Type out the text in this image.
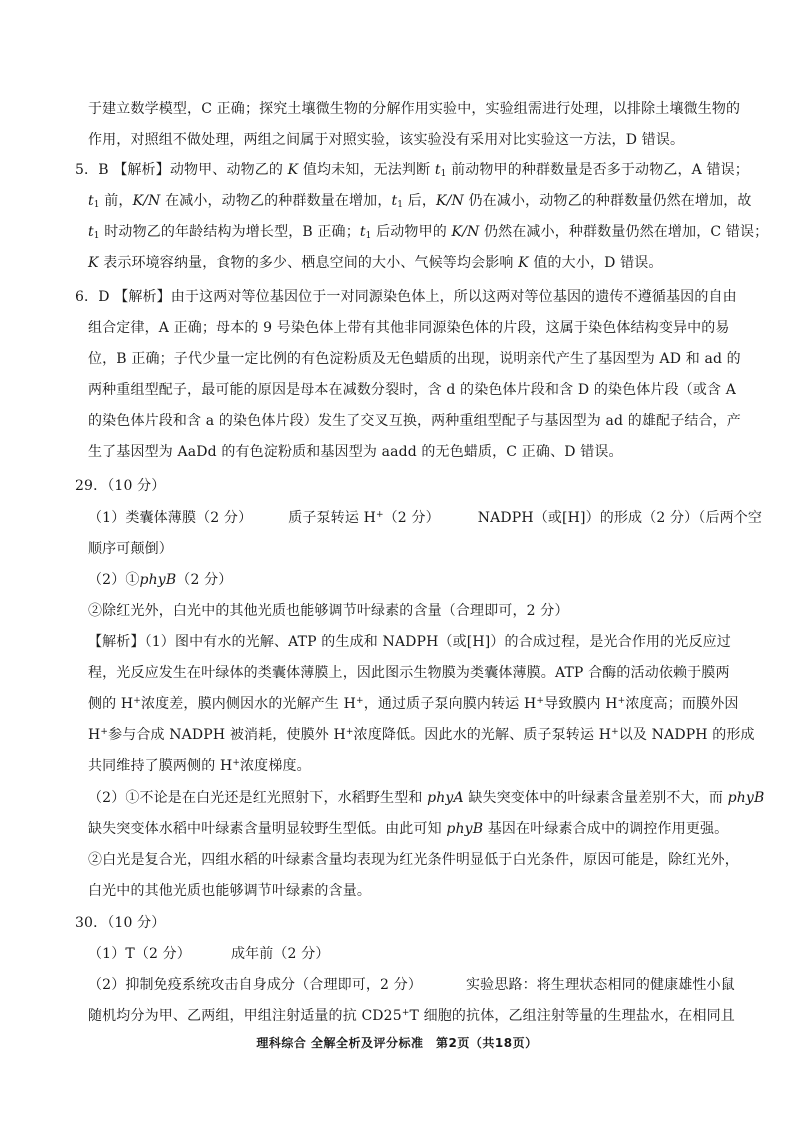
于建立数学模型，C 正确；探究土壤微生物的分解作用实验中，实验组需进行处理，以排除土壤微生物的
作用，对照组不做处理，两组之间属于对照实验，该实验没有采用对比实验这一方法，D 错误。
5．B 【解析】动物甲、动物乙的 K 值均未知，无法判断 $t_1$ 前动物甲的种群数量是否多于动物乙，A 错误；
$t_1$ 前，K/N 在减小，动物乙的种群数量在增加，$t_1$ 后，K/N 仍在减小，动物乙的种群数量仍然在增加，故
$t_1$ 时动物乙的年龄结构为增长型，B 正确；$t_1$ 后动物甲的 K/N 仍然在减小，种群数量仍然在增加，C 错误；
K 表示环境容纳量，食物的多少、栖息空间的大小、气候等均会影响 K 值的大小，D 错误。
6．D 【解析】由于这两对等位基因位于一对同源染色体上，所以这两对等位基因的遗传不遵循基因的自由
组合定律，A 正确；母本的 9 号染色体上带有其他非同源染色体的片段，这属于染色体结构变异中的易
位，B 正确；子代少量一定比例的有色淀粉质及无色蜡质的出现，说明亲代产生了基因型为 AD 和 ad 的
两种重组型配子，最可能的原因是母本在减数分裂时，含 d 的染色体片段和含 D 的染色体片段（或含 A
的染色体片段和含 a 的染色体片段）发生了交叉互换，两种重组型配子与基因型为 ad 的雄配子结合，产
生了基因型为 AaDd 的有色淀粉质和基因型为 aadd 的无色蜡质，C 正确、D 错误。
29．（10 分）
（1）类囊体薄膜（2 分）	质子泵转运 H+（2 分）	NADPH（或[H]）的形成（2 分）（后两个空
顺序可颠倒）
（2）①phyB（2 分）
②除红光外，白光中的其他光质也能够调节叶绿素的含量（合理即可，2 分）
【解析】（1）图中有水的光解、ATP 的生成和 NADPH（或[H]）的合成过程，是光合作用的光反应过
程，光反应发生在叶绿体的类囊体薄膜上，因此图示生物膜为类囊体薄膜。ATP 合酶的活动依赖于膜两
侧的 H+浓度差，膜内侧因水的光解产生 H+，通过质子泵向膜内转运 H+导致膜内 H+浓度高；而膜外因
H+参与合成 NADPH 被消耗，使膜外 H+浓度降低。因此水的光解、质子泵转运 H+以及 NADPH 的形成
共同维持了膜两侧的 H+浓度梯度。
（2）①不论是在白光还是红光照射下，水稻野生型和 phyA 缺失突变体中的叶绿素含量差别不大，而 phyB
缺失突变体水稻中叶绿素含量明显较野生型低。由此可知 phyB 基因在叶绿素合成中的调控作用更强。
②白光是复合光，四组水稻的叶绿素含量均表现为红光条件明显低于白光条件，原因可能是，除红光外，
白光中的其他光质也能够调节叶绿素的含量。
30．（10 分）
（1）T（2 分）	成年前（2 分）
（2）抑制免疫系统攻击自身成分（合理即可，2 分）	实验思路：将生理状态相同的健康雄性小鼠
随机均分为甲、乙两组，甲组注射适量的抗 CD25+T 细胞的抗体，乙组注射等量的生理盐水，在相同且
理科综合 全解全析及评分标准　第2页（共18页）
